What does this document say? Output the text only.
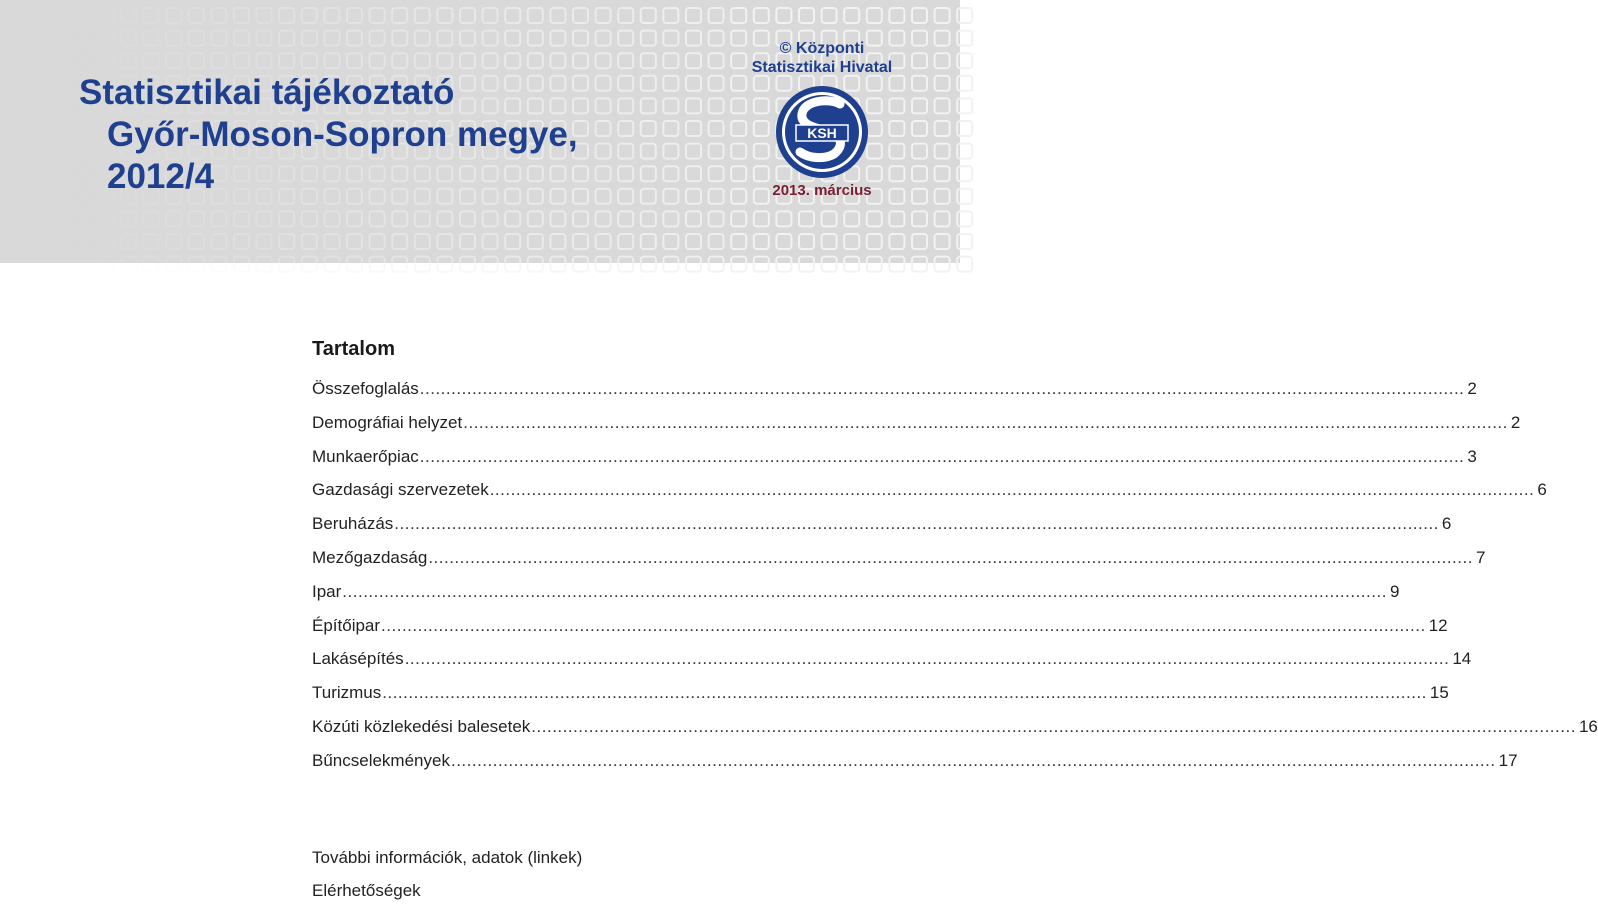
Statisztikai tájékoztató
Győr-Moson-Sopron megye,
2012/4
© Központi
Statisztikai Hivatal
KSH
2013. március
Tartalom
Összefoglalás ........................................................................................................................................................................................................ 2
Demográfiai helyzet ........................................................................................................................................................................................................ 2
Munkaerőpiac ........................................................................................................................................................................................................ 3
Gazdasági szervezetek ........................................................................................................................................................................................................ 6
Beruházás ........................................................................................................................................................................................................ 6
Mezőgazdaság ........................................................................................................................................................................................................ 7
Ipar ........................................................................................................................................................................................................ 9
Építőipar ........................................................................................................................................................................................................ 12
Lakásépítés ........................................................................................................................................................................................................ 14
Turizmus ........................................................................................................................................................................................................ 15
Közúti közlekedési balesetek ........................................................................................................................................................................................................ 16
Bűncselekmények ........................................................................................................................................................................................................ 17
További információk, adatok (linkek)
Elérhetőségek
